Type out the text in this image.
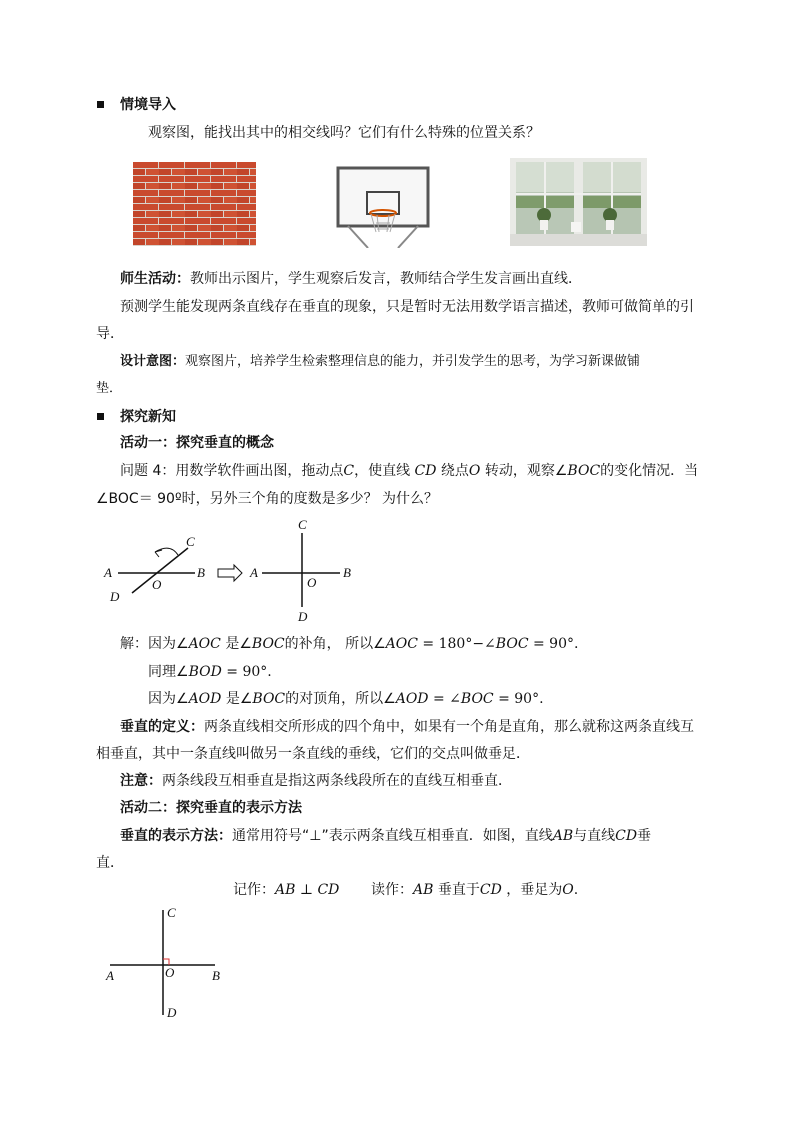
情境导入
观察图，能找出其中的相交线吗？它们有什么特殊的位置关系？
师生活动：教师出示图片，学生观察后发言，教师结合学生发言画出直线．
预测学生能发现两条直线存在垂直的现象，只是暂时无法用数学语言描述，教师可做简单的引
导．
设计意图：观察图片，培养学生检索整理信息的能力，并引发学生的思考，为学习新课做铺
垫．
探究新知
活动一：探究垂直的概念
问题 4：用数学软件画出图，拖动点C，使直线 CD 绕点O 转动，观察∠BOC的变化情况．当
∠BOC＝ 90º时，另外三个角的度数是多少？ 为什么？
A	B
C
D
O
A	B
C
D
O
解：因为∠AOC 是∠BOC的补角， 所以∠AOC = 180°−∠BOC = 90°.
同理∠BOD = 90°.
因为∠AOD 是∠BOC的对顶角，所以∠AOD = ∠BOC = 90°.
垂直的定义：两条直线相交所形成的四个角中，如果有一个角是直角，那么就称这两条直线互
相垂直，其中一条直线叫做另一条直线的垂线，它们的交点叫做垂足．
注意：两条线段互相垂直是指这两条线段所在的直线互相垂直．
活动二：探究垂直的表示方法
垂直的表示方法：通常用符号“⊥”表示两条直线互相垂直．如图，直线AB与直线CD垂
直．
记作：AB ⊥ CD 读作：AB 垂直于CD ，垂足为O.
A	B
C
D
O
